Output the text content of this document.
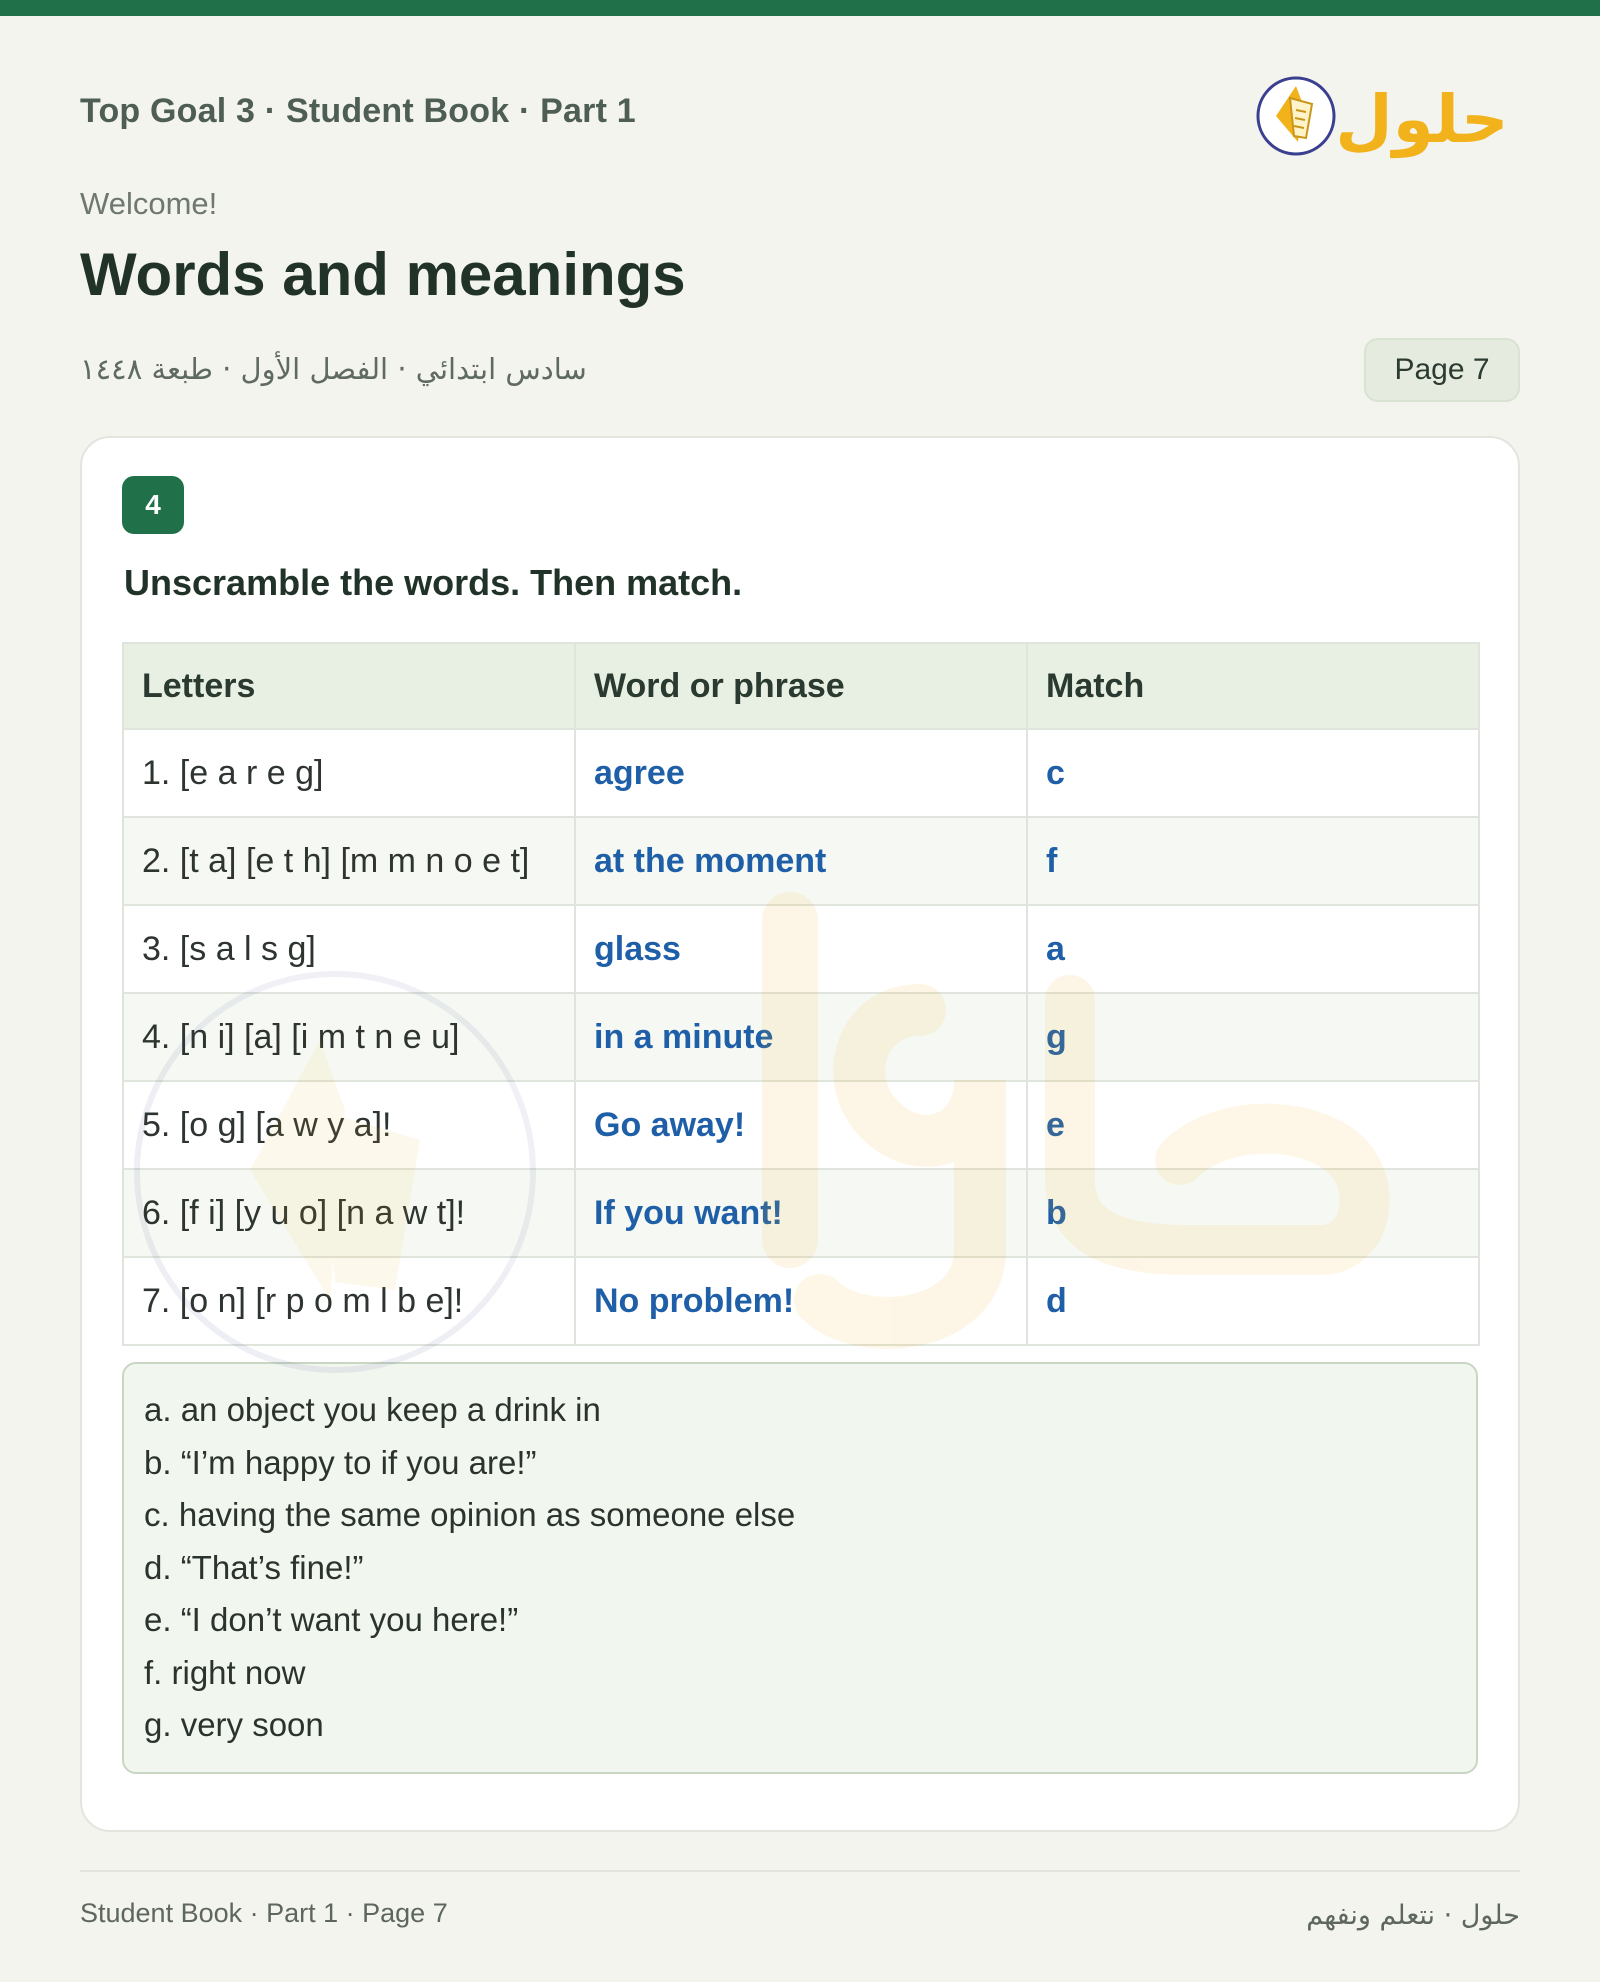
Top Goal 3 · Student Book · Part 1	حلول
Welcome!
Words and meanings
سادس ابتدائي · الفصل الأول · طبعة ١٤٤٨	Page 7
4
Unscramble the words. Then match.
Letters	Word or phrase	Match
1. [e a r e g]	agree	c
2. [t a] [e t h] [m m n o e t]	at the moment	f
3. [s a l s g]	glass	a
4. [n i] [a] [i m t n e u]	in a minute	g
5. [o g] [a w y a]!	Go away!	e
6. [f i] [y u o] [n a w t]!	If you want!	b
7. [o n] [r p o m l b e]!	No problem!	d
a. an object you keep a drink in
b. “I’m happy to if you are!”
c. having the same opinion as someone else
d. “That’s fine!”
e. “I don’t want you here!”
f. right now
g. very soon
Student Book · Part 1 · Page 7	حلول · نتعلم ونفهم
